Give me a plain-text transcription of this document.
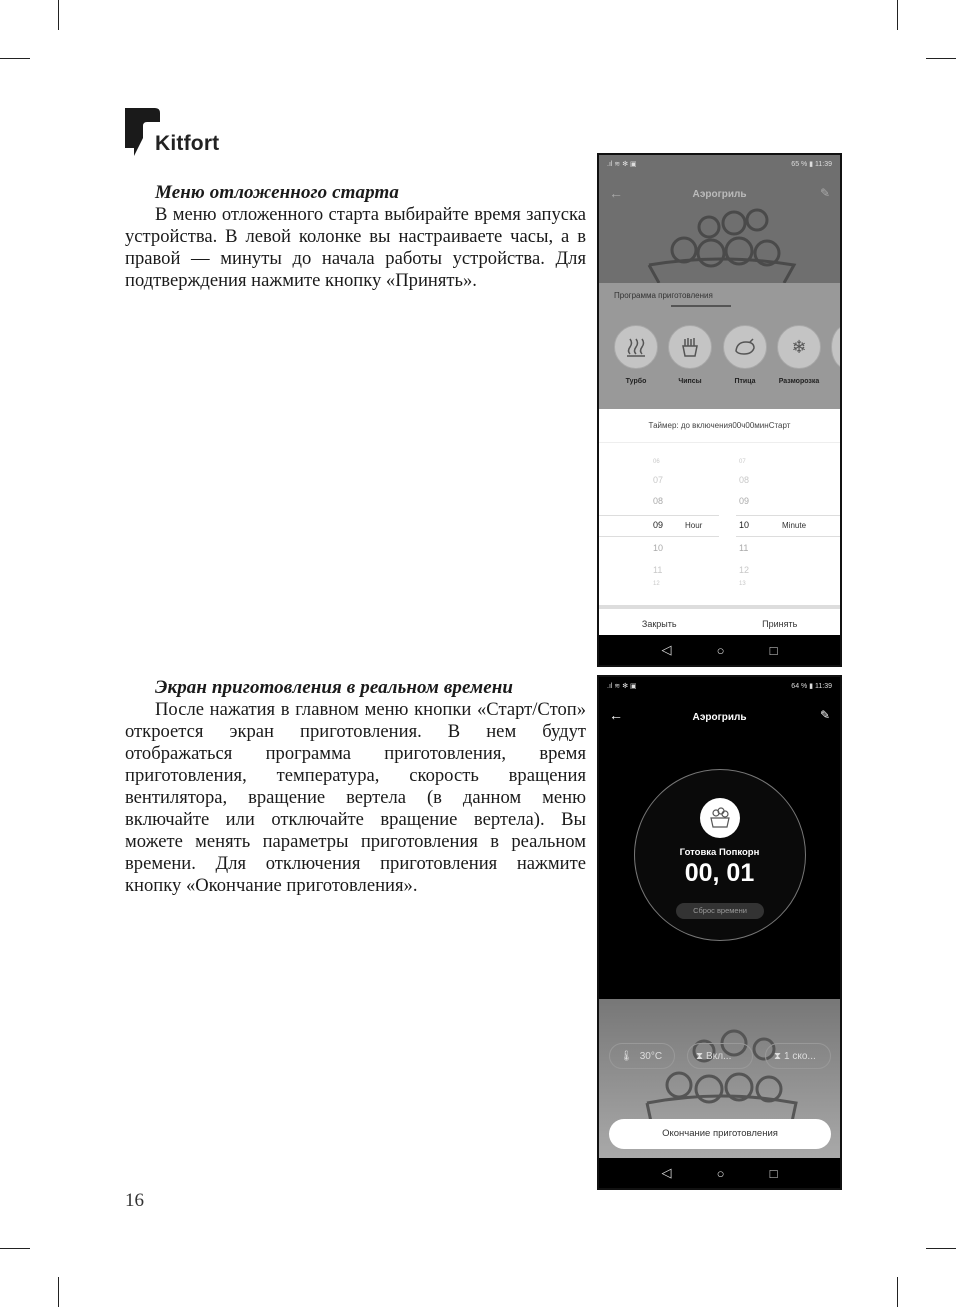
Kitfort
Меню отложенного старта

В меню отложенного старта выбирайте время запуска устройства. В левой колонке вы настраиваете часы, а в правой — минуты до начала работы устройства. Для подтверждения нажмите кнопку «Принять».

Экран приготовления в реальном времени

После нажатия в главном меню кнопки «Старт/Стоп» откроется экран приготовления. В нем будут отображаться программа приготовления, время приготовления, температура, скорость вращения вентилятора, вращение вертела (в данном меню включайте или отключайте вращение вертела). Вы можете менять параметры приготовления в реальном времени. Для отключения приготовления нажмите кнопку «Окончание приготовления».

16
.ıl ≋ ✻ ▣	65 % ▮ 11:39
←	Аэрогриль	✎
Программа приготовления
Турбо	Чипсы	Птица
❄
Разморозка
Таймер: до включения00ч00минСтарт
06
07
08
09	Hour
10
11
12
07
08
09
10	Minute
11
12
13
Закрыть	Принять
◁	○	□
.ıl ≋ ✻ ▣	64 % ▮ 11:39
←	Аэрогриль	✎
Готовка Попкорн
00, 01
Сброс времени
🌡 30°C	⧗ Вкл...	⧗ 1 ско...
Окончание приготовления
◁	○	□
